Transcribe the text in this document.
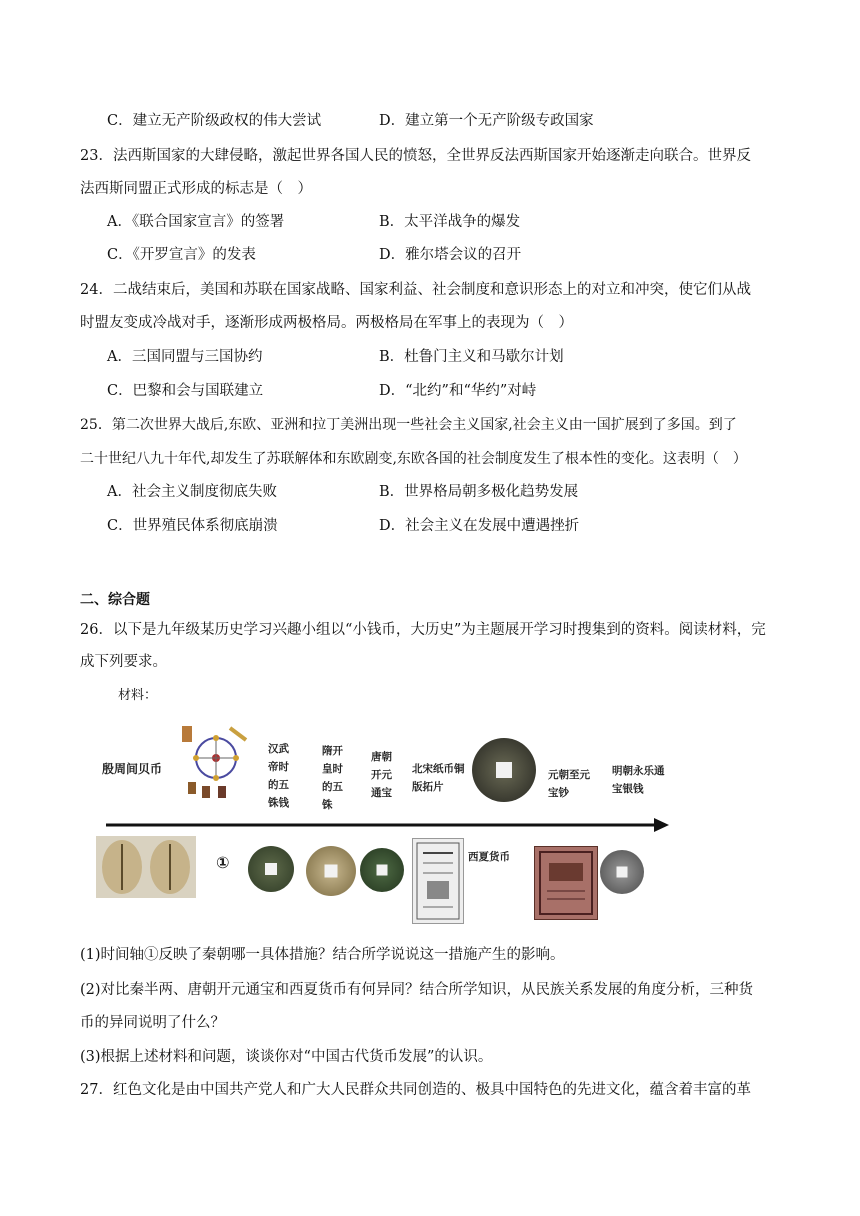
C．建立无产阶级政权的伟大尝试	D．建立第一个无产阶级专政国家
23．法西斯国家的大肆侵略，激起世界各国人民的愤怒，全世界反法西斯国家开始逐渐走向联合。世界反
法西斯同盟正式形成的标志是（　）
A．《联合国家宣言》的签署	B．太平洋战争的爆发
C．《开罗宣言》的发表	D．雅尔塔会议的召开
24．二战结束后，美国和苏联在国家战略、国家利益、社会制度和意识形态上的对立和冲突，使它们从战
时盟友变成冷战对手，逐渐形成两极格局。两极格局在军事上的表现为（　）
A．三国同盟与三国协约	B．杜鲁门主义和马歇尔计划
C．巴黎和会与国联建立	D．“北约”和“华约”对峙
25．第二次世界大战后,东欧、亚洲和拉丁美洲出现一些社会主义国家,社会主义由一国扩展到了多国。到了
二十世纪八九十年代,却发生了苏联解体和东欧剧变,东欧各国的社会制度发生了根本性的变化。这表明（　）
A．社会主义制度彻底失败	B．世界格局朝多极化趋势发展
C．世界殖民体系彻底崩溃	D．社会主义在发展中遭遇挫折
二、综合题
26．以下是九年级某历史学习兴趣小组以“小钱币，大历史”为主题展开学习时搜集到的资料。阅读材料，完
成下列要求。
材料：
殷周间贝币
汉武帝时的五铢钱
隋开皇时的五铢
唐朝开元通宝
北宋纸币铜版拓片
元朝至元宝钞
明朝永乐通宝银钱
①	西夏货币
(1)时间轴①反映了秦朝哪一具体措施？结合所学说说这一措施产生的影响。
(2)对比秦半两、唐朝开元通宝和西夏货币有何异同？结合所学知识，从民族关系发展的角度分析，三种货
币的异同说明了什么？
(3)根据上述材料和问题，谈谈你对“中国古代货币发展”的认识。
27．红色文化是由中国共产党人和广大人民群众共同创造的、极具中国特色的先进文化，蕴含着丰富的革
